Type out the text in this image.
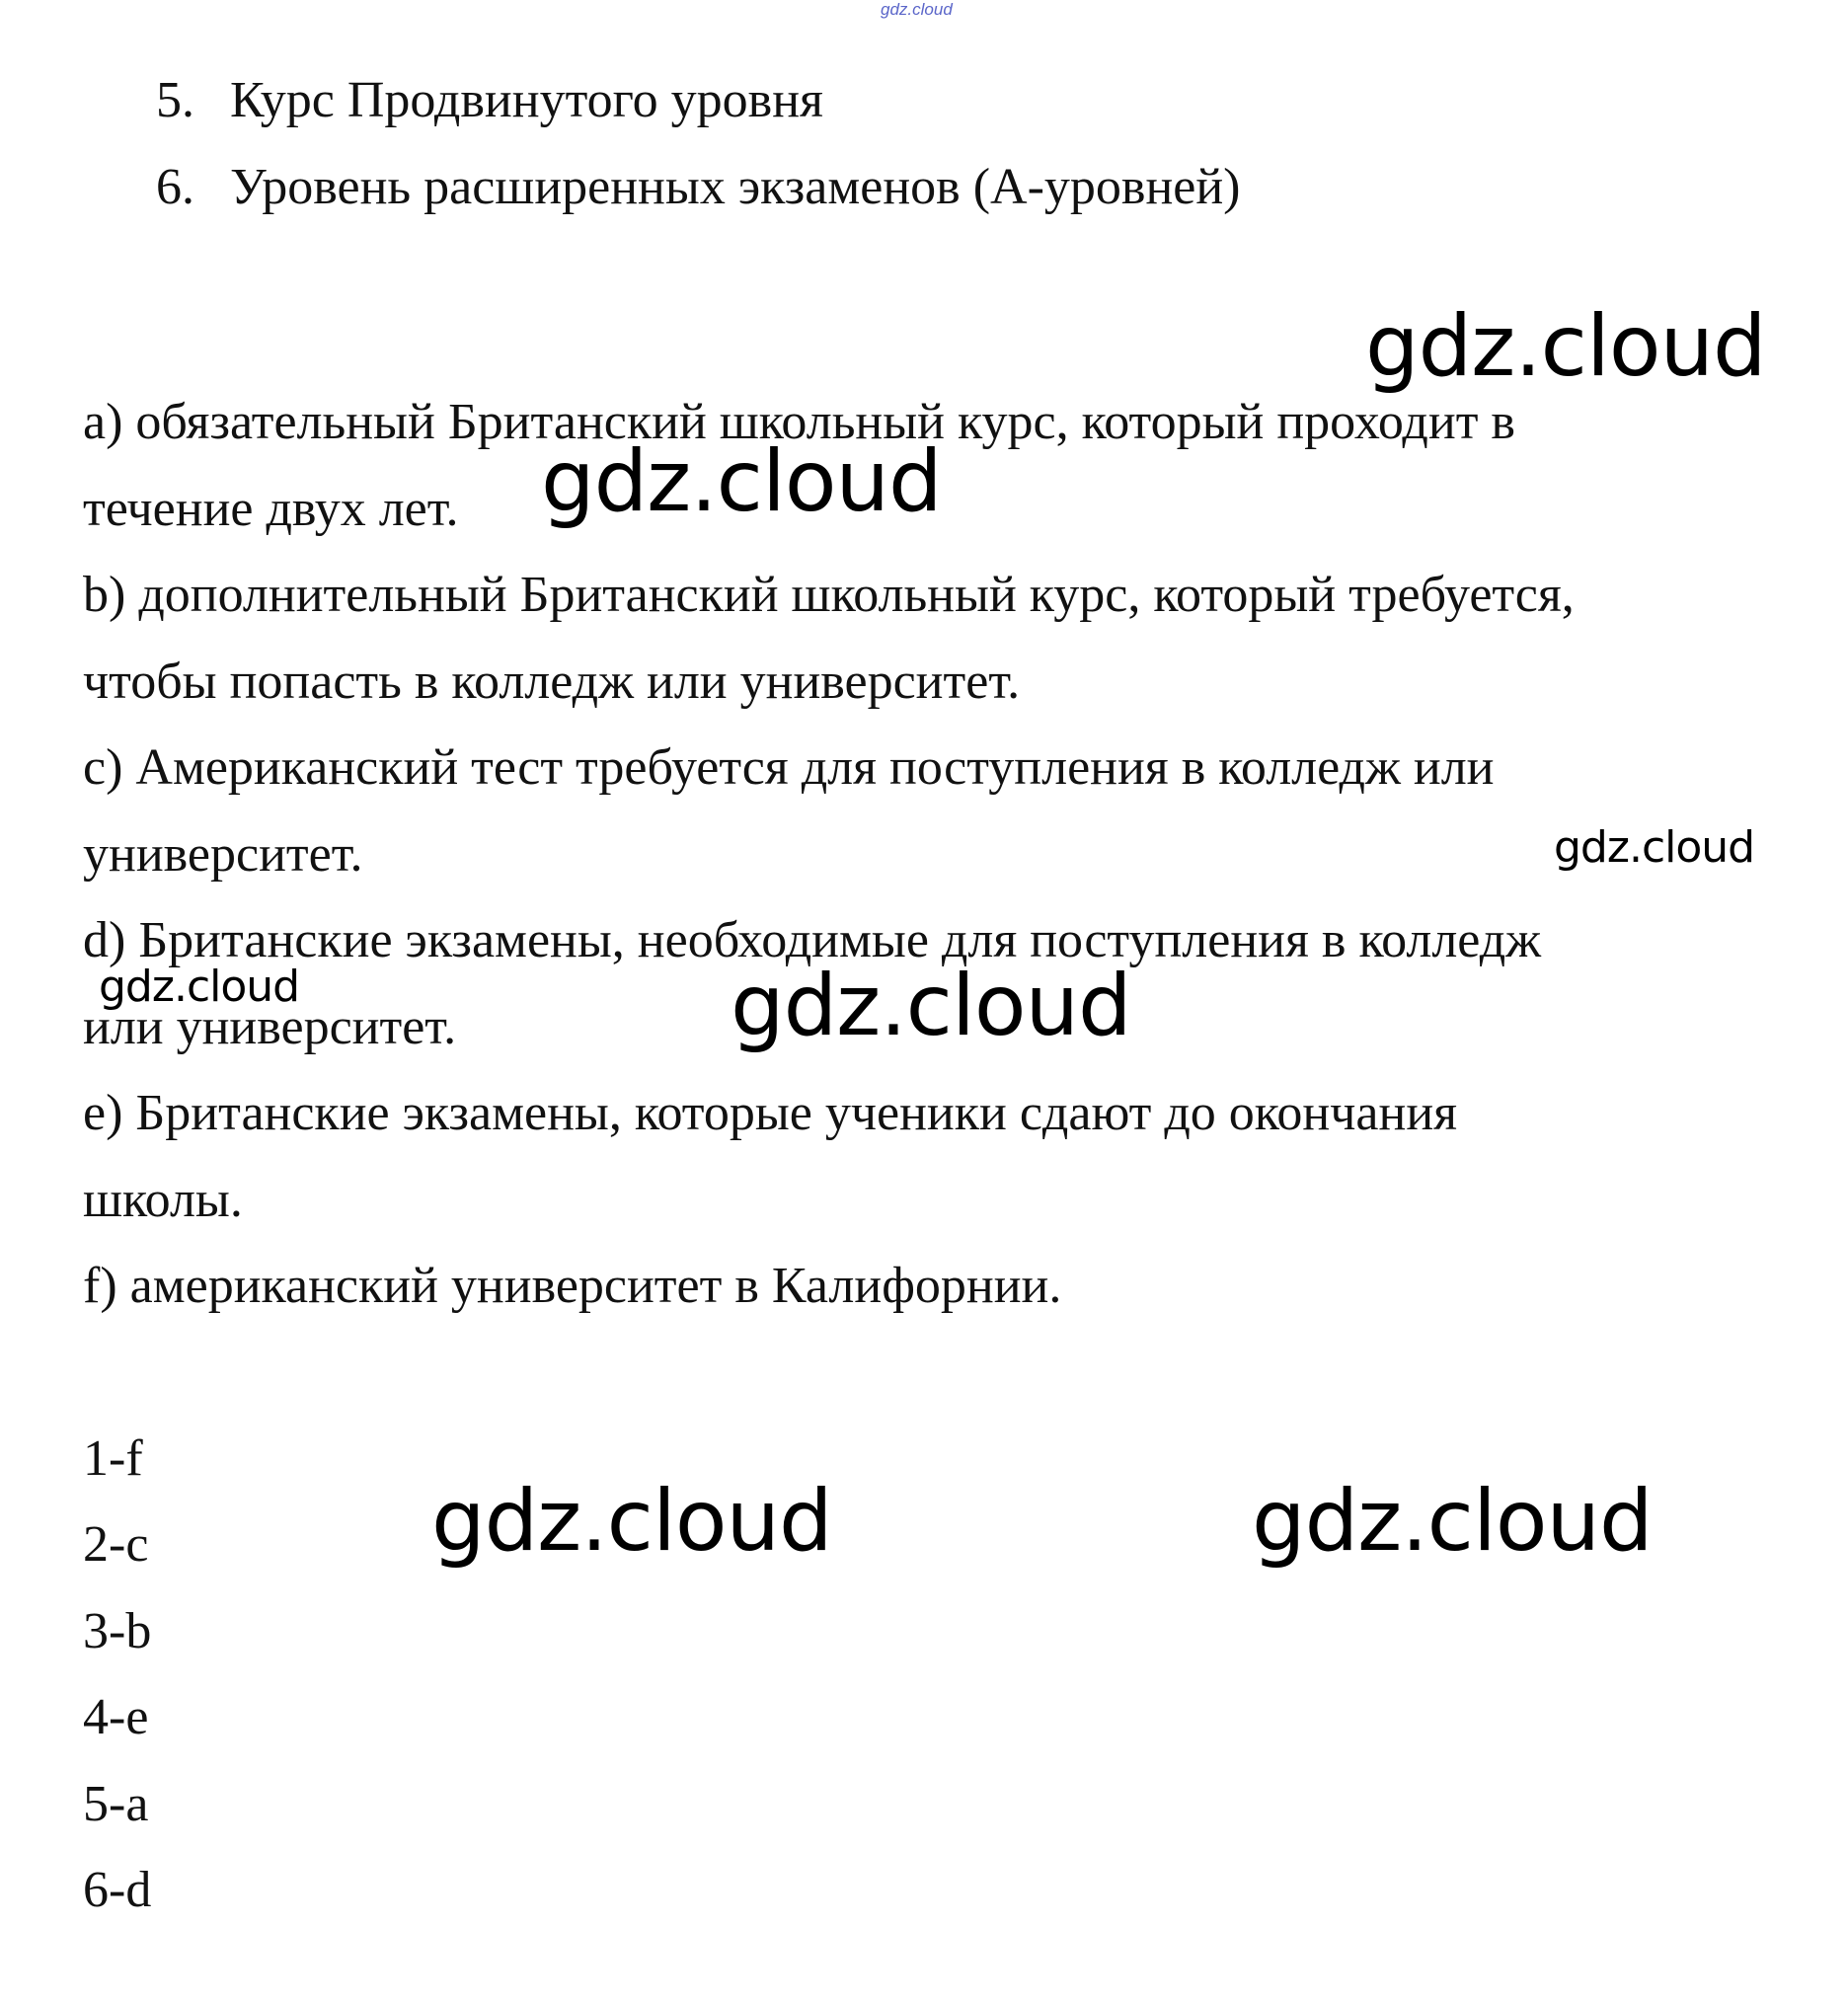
gdz.cloud
5. Курс Продвинутого уровня
6. Уровень расширенных экзаменов (А-уровней)
a) обязательный Британский школьный курс, который проходит в
течение двух лет.
b) дополнительный Британский школьный курс, который требуется,
чтобы попасть в колледж или университет.
c) Американский тест требуется для поступления в колледж или
университет.
d) Британские экзамены, необходимые для поступления в колледж
или университет.
e) Британские экзамены, которые ученики сдают до окончания
школы.
f) американский университет в Калифорнии.
1-f
2-c
3-b
4-e
5-a
6-d
gdz.cloud
gdz.cloud
gdz.cloud
gdz.cloud	gdz.cloud
gdz.cloud	gdz.cloud
